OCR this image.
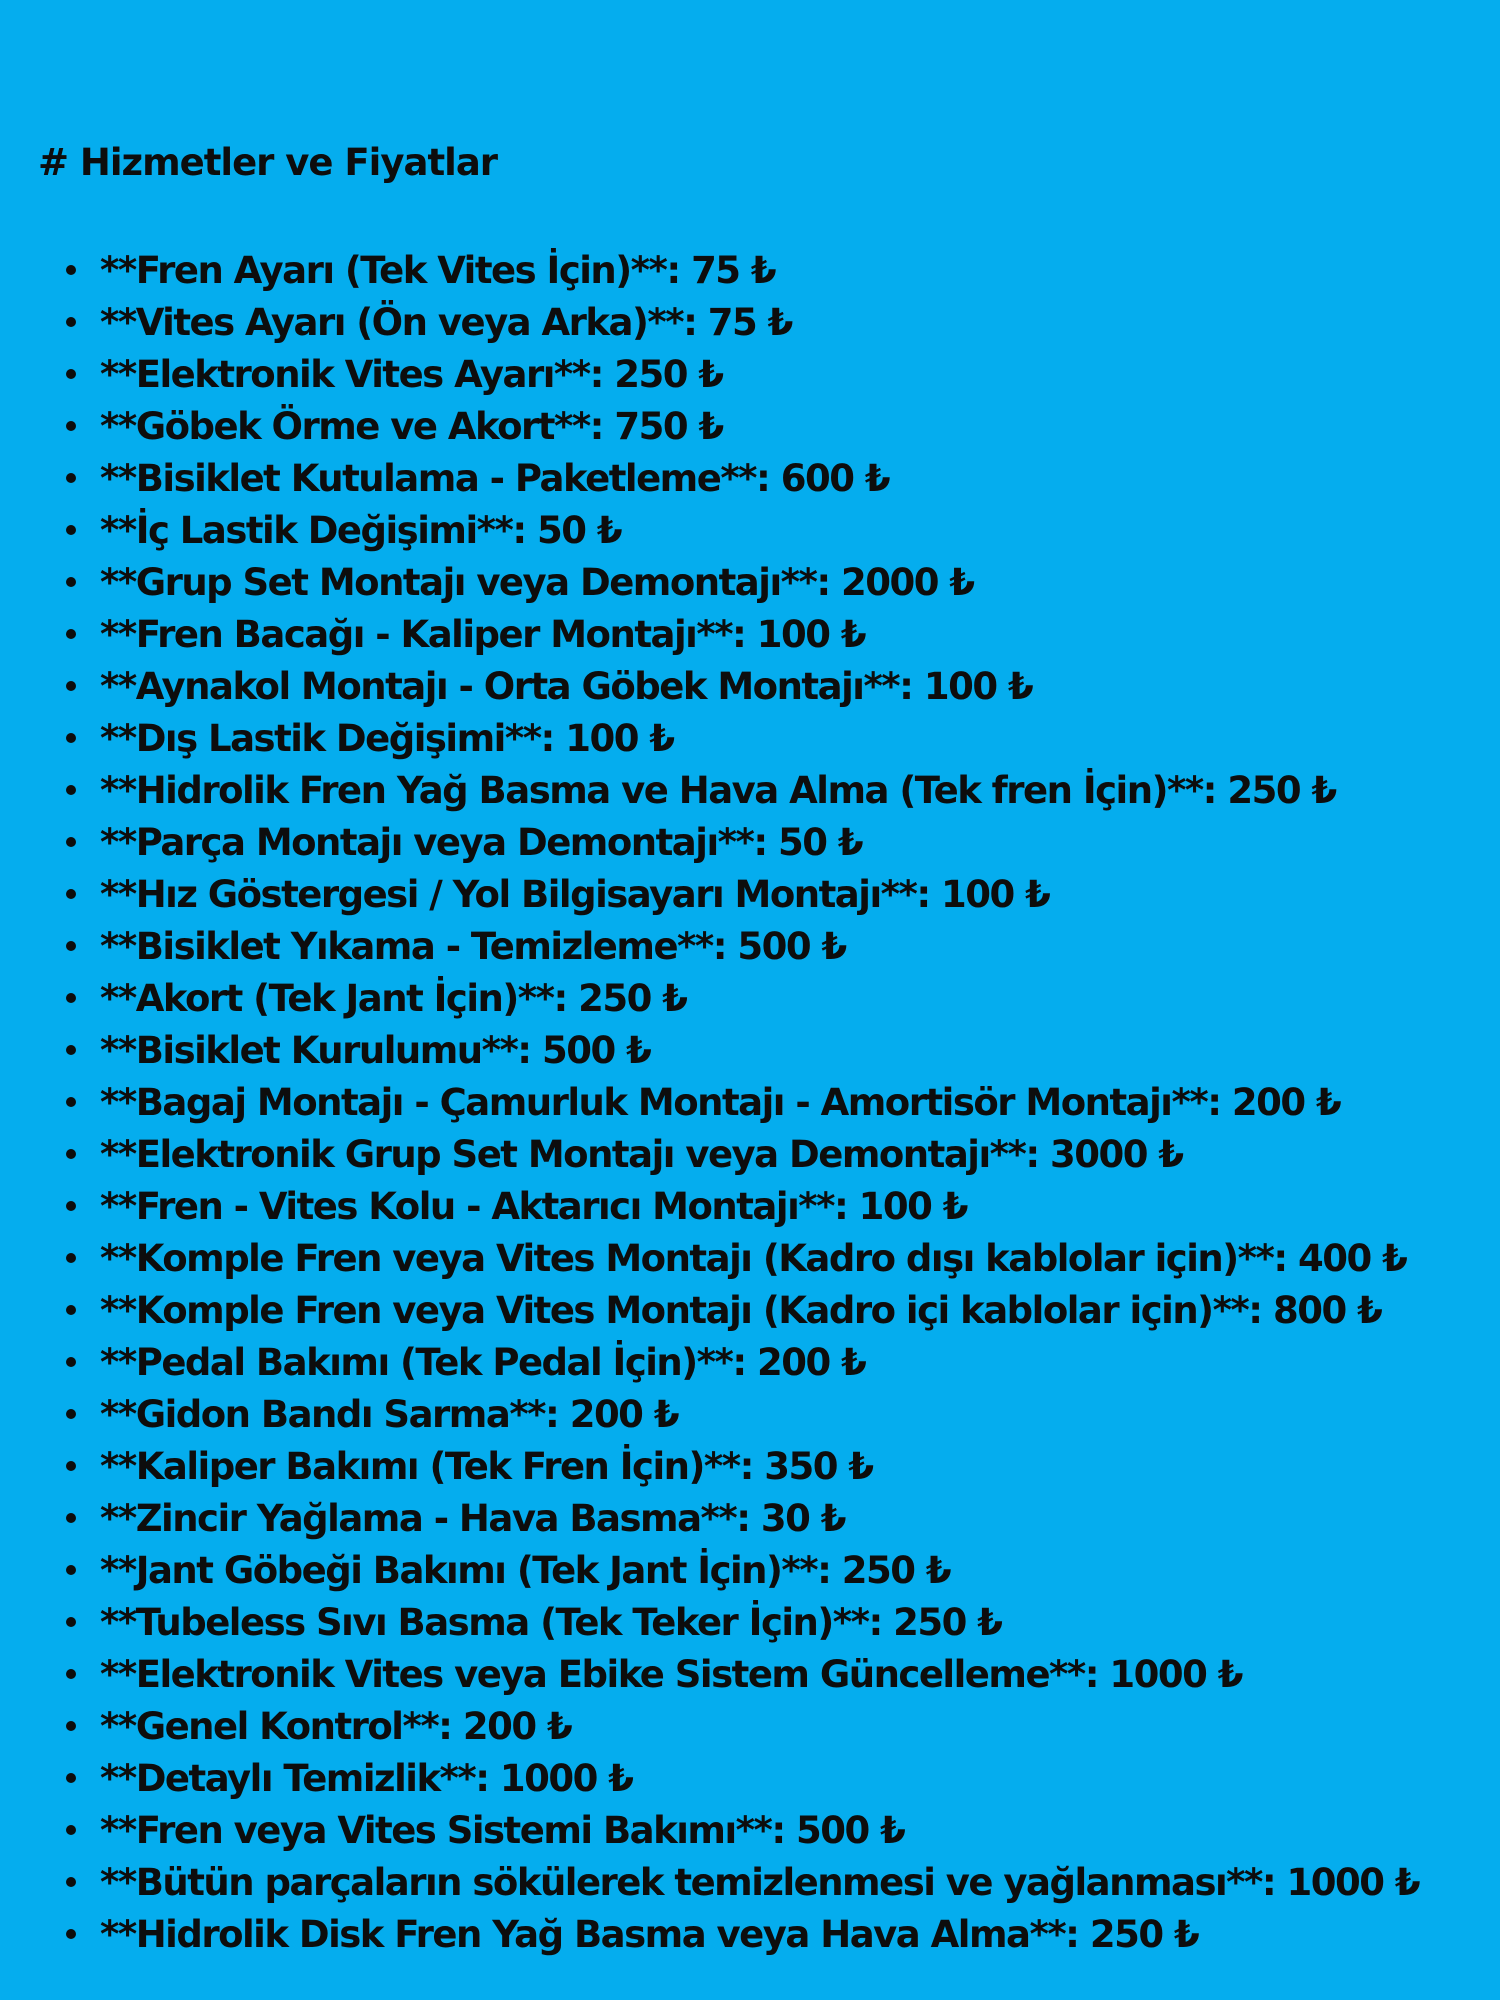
# Hizmetler ve Fiyatlar
**Fren Ayarı (Tek Vites İçin)**: 75 ₺
**Vites Ayarı (Ön veya Arka)**: 75 ₺
**Elektronik Vites Ayarı**: 250 ₺
**Göbek Örme ve Akort**: 750 ₺
**Bisiklet Kutulama - Paketleme**: 600 ₺
**İç Lastik Değişimi**: 50 ₺
**Grup Set Montajı veya Demontajı**: 2000 ₺
**Fren Bacağı - Kaliper Montajı**: 100 ₺
**Aynakol Montajı - Orta Göbek Montajı**: 100 ₺
**Dış Lastik Değişimi**: 100 ₺
**Hidrolik Fren Yağ Basma ve Hava Alma (Tek fren İçin)**: 250 ₺
**Parça Montajı veya Demontajı**: 50 ₺
**Hız Göstergesi / Yol Bilgisayarı Montajı**: 100 ₺
**Bisiklet Yıkama - Temizleme**: 500 ₺
**Akort (Tek Jant İçin)**: 250 ₺
**Bisiklet Kurulumu**: 500 ₺
**Bagaj Montajı - Çamurluk Montajı - Amortisör Montajı**: 200 ₺
**Elektronik Grup Set Montajı veya Demontajı**: 3000 ₺
**Fren - Vites Kolu - Aktarıcı Montajı**: 100 ₺
**Komple Fren veya Vites Montajı (Kadro dışı kablolar için)**: 400 ₺
**Komple Fren veya Vites Montajı (Kadro içi kablolar için)**: 800 ₺
**Pedal Bakımı (Tek Pedal İçin)**: 200 ₺
**Gidon Bandı Sarma**: 200 ₺
**Kaliper Bakımı (Tek Fren İçin)**: 350 ₺
**Zincir Yağlama - Hava Basma**: 30 ₺
**Jant Göbeği Bakımı (Tek Jant İçin)**: 250 ₺
**Tubeless Sıvı Basma (Tek Teker İçin)**: 250 ₺
**Elektronik Vites veya Ebike Sistem Güncelleme**: 1000 ₺
**Genel Kontrol**: 200 ₺
**Detaylı Temizlik**: 1000 ₺
**Fren veya Vites Sistemi Bakımı**: 500 ₺
**Bütün parçaların sökülerek temizlenmesi ve yağlanması**: 1000 ₺
**Hidrolik Disk Fren Yağ Basma veya Hava Alma**: 250 ₺
